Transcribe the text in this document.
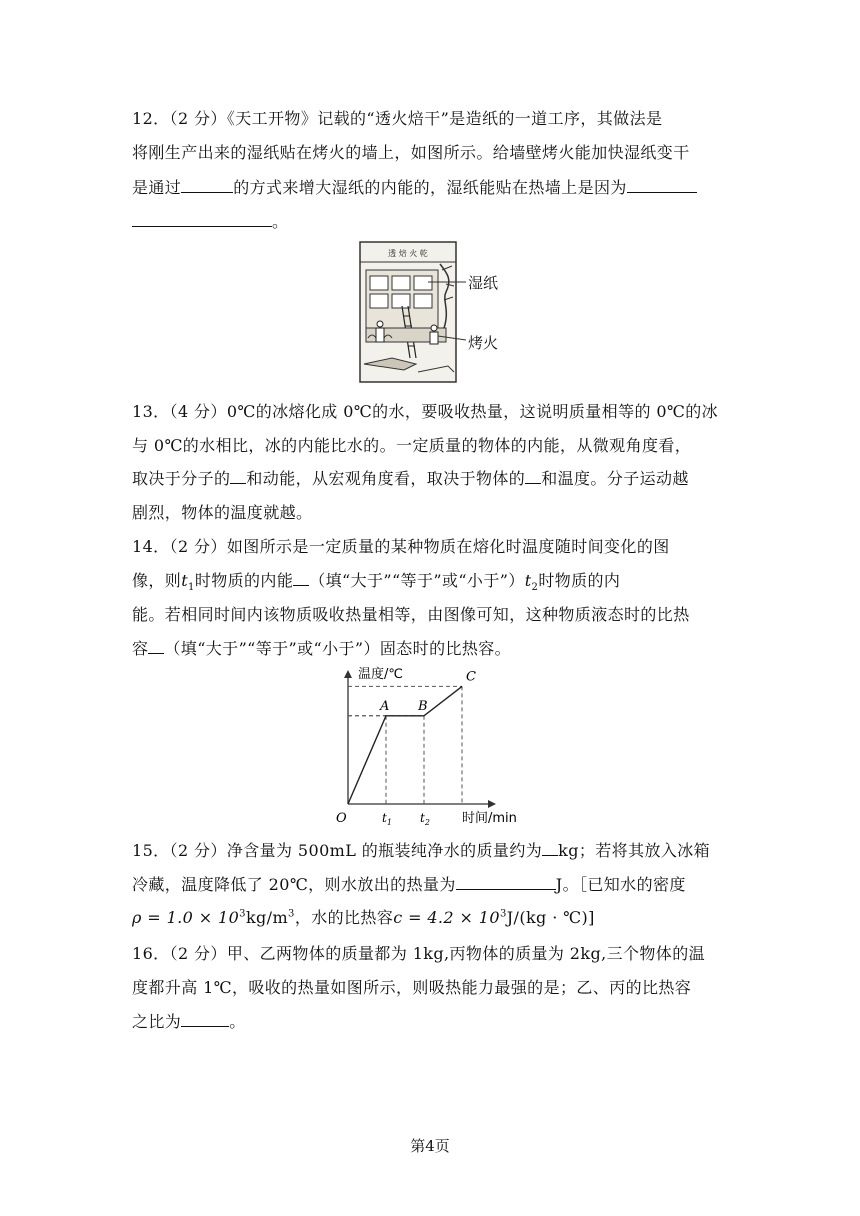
12．（2 分）《天工开物》记载的“透火焙干”是造纸的一道工序，其做法是
将刚生产出来的湿纸贴在烤火的墙上，如图所示。给墙壁烤火能加快湿纸变干
是通过	的方式来增大湿纸的内能的，湿纸能贴在热墙上是因为
。
透 焙 火 乾
湿纸
烤火
13．（4 分）0℃的冰熔化成 0℃的水，要吸收热量，这说明质量相等的 0℃的冰
与 0℃的水相比，冰的内能比水的。一定质量的物体的内能，从微观角度看，
取决于分子的 和动能，从宏观角度看，取决于物体的 和温度。分子运动越
剧烈，物体的温度就越。
14．（2 分）如图所示是一定质量的某种物质在熔化时温度随时间变化的图
像，则$t_1$时物质的内能 （填“大于”“等于”或“小于$”)t_2$时物质的内
能。若相同时间内该物质吸收热量相等，由图像可知，这种物质液态时的比热
容 （填“大于”“等于”或“小于”）固态时的比热容。
温度/℃
时间/min
O
A B
C
$t_1$ $t_2$
15．（2 分）净含量为 500mL 的瓶装纯净水的质量约为 kg；若将其放入冰箱
冷藏，温度降低了 20℃，则水放出的热量为	J。［已知水的密度
$\rho = 1.0 \times 10^3kg/m^3$，水的比热容$c = 4.2 \times 10^3J/(kg$ · ℃)]
16．（2 分）甲、乙两物体的质量都为 1kg,丙物体的质量为 2kg,三个物体的温
度都升高 1℃，吸收的热量如图所示，则吸热能力最强的是；乙、丙的比热容
之比为	。
第4页
